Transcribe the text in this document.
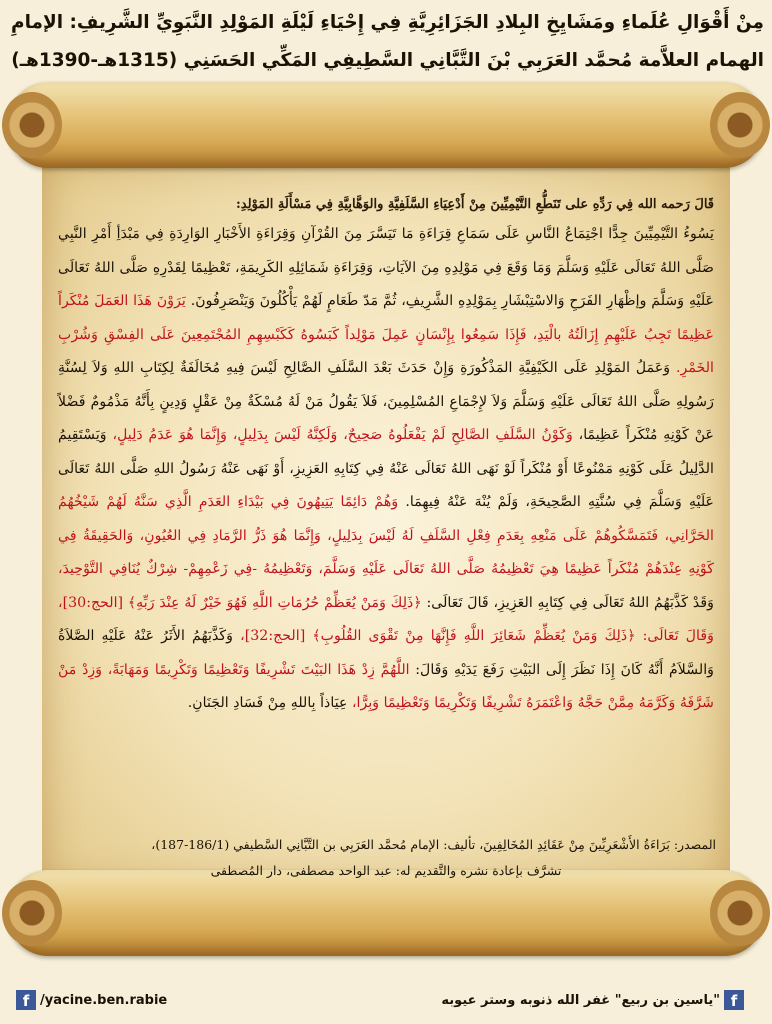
مِنْ أَقْوَالِ عُلَماءِ ومَشَايِخِ البِلادِ الجَزَائِرِيَّةِ فِي إِحْيَاءِ لَيْلَةِ المَوْلِدِ النَّبَوِيِّ الشَّرِيفِ: الإمامِ
الهمام العلاَّمة مُحمَّد العَرَبِي بْنَ التَّبَّانِي السَّطِيفِي المَكِّي الحَسَنِي (1315هـ-1390هـ)
قَالَ رَحمه الله فِي رَدِّهِ على تَنَطُّعِ التَّيْمِيِّينَ مِنْ أَدْعِيَاءِ السَّلَفِيَّةِ والوَهَّابِيَّةِ فِي مَسْأَلَةِ المَوْلِدِ:
يَسُوءُ التَّيْمِيِّينَ جِدًّا اجْتِمَاعُ النَّاسِ عَلَى سَمَاعِ قِرَاءَةِ مَا تَيَسَّرَ مِنَ القُرْآنِ وَقِرَاءَةِ الأَخْبَارِ الوَارِدَةِ فِي مَبْدَأِ أَمْرِ النَّبِي صَلَّى اللهُ تَعَالَى عَلَيْهِ وَسَلَّمَ وَمَا وَقَعَ فِي مَوْلِدِهِ مِنَ الآيَاتِ، وَقِرَاءَةِ شَمَائِلِهِ الكَرِيمَةِ، تَعْظِيمًا لِقَدْرِهِ صَلَّى اللهُ تَعَالَى عَلَيْهِ وَسَلَّمَ وإظْهَارِ الفَرَحِ وَالاسْتِبْشَارِ بِمَوْلِدِهِ الشَّرِيفِ، ثُمَّ مَدّ طَعَامٍ لَهُمْ يَأْكُلُونَ وَيَنْصَرِفُونَ. يَرَوْنَ هَذَا العَمَلَ مُنْكَراً عَظِيمًا تَجِبُ عَلَيْهِمِ إِزَالَتُهُ بالْيَدِ، فَإِذَا سَمِعُوا بِإِنْسَانٍ عَمِلَ مَوْلِداً كَبَسُوهُ كَكَبْسِهِمِ المُجْتَمِعِينَ عَلَى الفِسْقِ وَشُرْبِ الخَمْرِ. وَعَمَلُ المَوْلِدِ عَلَى الكَيْفِيَّةِ المَذْكُورَةِ وَإِنْ حَدَثَ بَعْدَ السَّلَفِ الصَّالِحِ لَيْسَ فِيهِ مُخَالَفَةٌ لِكِتَابِ اللهِ وَلاَ لِسُنَّةِ رَسُولِهِ صَلَّى اللهُ تَعَالَى عَلَيْهِ وَسَلَّمَ وَلاَ لإِجْمَاعِ المُسْلِمِينَ، فَلاَ يَقُولُ مَنْ لَهُ مُسْكَةٌ مِنْ عَقْلٍ وَدِينٍ بِأَنَّهُ مَذْمُومٌ فَضْلاً عَنْ كَوْنِهِ مُنْكَراً عَظِيمًا، وَكَوْنُ السَّلَفِ الصَّالِحِ لَمْ يَفْعَلُوهُ صَحِيحٌ، وَلَكِنَّهُ لَيْسَ بِدَلِيلٍ، وَإِنَّمَا هُوَ عَدَمُ دَلِيلٍ، وَيَسْتَقِيمُ الدَّلِيلُ عَلَى كَوْنِهِ مَمْنُوعًا أَوْ مُنْكَراً لَوْ نَهَى اللهُ تَعَالَى عَنْهُ فِي كِتَابِهِ العَزِيزِ، أَوْ نَهَى عَنْهُ رَسُولُ اللهِ صَلَّى اللهُ تَعَالَى عَلَيْهِ وَسَلَّمَ فِي سُنَّتِهِ الصَّحِيحَةِ، وَلَمْ يُنْهَ عَنْهُ فِيهِمَا. وَهُمْ دَائِمًا يَتِيهُونَ فِي بَيْدَاءِ العَدَمِ الَّذِي سَنَّهُ لَهُمْ شَيْخُهُمُ الحَرَّانِي، فَتَمَسَّكُوهُمْ عَلَى مَنْعِهِ بِعَدَمِ فِعْلِ السَّلَفِ لَهُ لَيْسَ بِدَلِيلٍ، وَإِنَّمَا هُوَ ذَرُّ الرَّمَادِ فِي العُيُونِ، وَالحَقِيقَةُ فِي كَوْنِهِ عِنْدَهُمْ مُنْكَراً عَظِيمًا هِيَ تَعْظِيمُهُ صَلَّى اللهُ تَعَالَى عَلَيْهِ وَسَلَّمَ، وَتَعْظِيمُهُ -فِي زَعْمِهِمْ- شِرْكٌ يُنَافِي التَّوْحِيدَ، وَقَدْ كَذَّبَهُمُ اللهُ تَعَالَى فِي كِتَابِهِ العَزِيزِ، قَالَ تَعَالَى: ﴿ذَلِكَ وَمَنْ يُعَظِّمْ حُرُمَاتِ اللَّهِ فَهُوَ خَيْرٌ لَهُ عِنْدَ رَبِّهِ﴾ [الحج:30]، وَقَالَ تَعَالَى: ﴿ذَلِكَ وَمَنْ يُعَظِّمْ شَعَائِرَ اللَّهِ فَإِنَّهَا مِنْ تَقْوَى القُلُوبِ﴾ [الحج:32]، وَكَذَّبَهُمُ الأَثَرُ عَنْهُ عَلَيْهِ الصَّلاَةُ وَالسَّلاَمُ أَنَّهُ كَانَ إِذَا نَظَرَ إِلَى البَيْتِ رَفَعَ يَدَيْهِ وَقَالَ: اللَّهُمَّ زِدْ هَذَا البَيْتَ تَشْرِيفًا وَتَعْظِيمًا وَتَكْرِيمًا وَمَهَابَةً، وَزِدْ مَنْ شَرَّفَهُ وَكَرَّمَهُ مِمَّنْ حَجَّهُ وَاعْتَمَرَهُ تَشْرِيفًا وَتَكْرِيمًا وَتَعْظِيمًا وَبِرًّا، عِيَاذاً بِاللهِ مِنْ فَسَادِ الجَنَانِ.
المصدر: بَرَاءَةُ الأَشْعَرِيِّينَ مِنْ عَقَائِدِ المُخَالِفِينَ، تأليف: الإمام مُحمَّد العَرَبِي بن التَّبَّانِي السَّطيفي (186/1-187)،
تشرَّف بإعادة نشره والتَّقديم له: عبد الواحد مصطفى، دار المُصطفى
f /yacine.ben.rabie	f"ياسين بن ربيع" غفر الله ذنوبه وستر عيوبه
